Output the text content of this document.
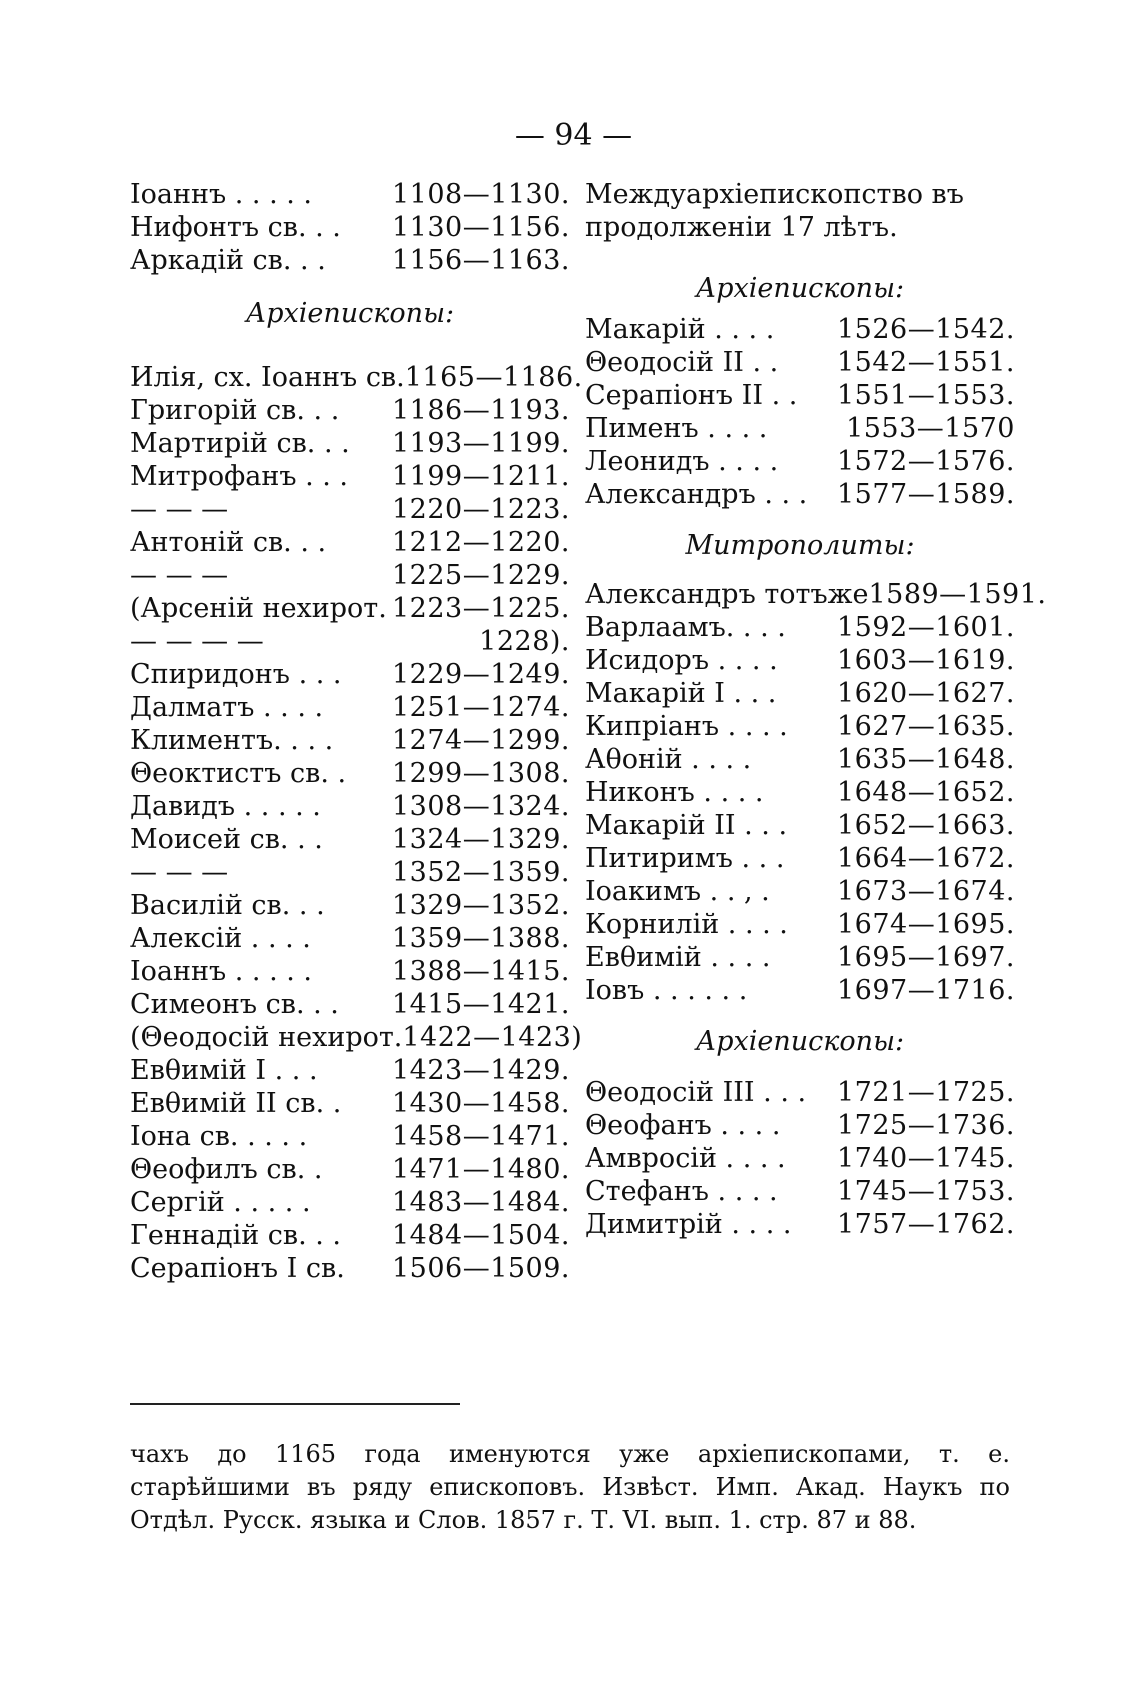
— 94 —
Іоаннъ . . . . .	1108—1130.
Нифонтъ св. . .	1130—1156.
Аркадій св. . .	1156—1163.
Архіепископы:
Илія, сх. Іоаннъ св. 1165—1186.
Григорій св. . .	1186—1193.
Мартирій св. . .	1193—1199.
Митрофанъ . . .	1199—1211.
— — —	1220—1223.
Антоній св. . .	1212—1220.
— — —	1225—1229.
(Арсеній нехирот. 1223—1225.
— — — —	1228).
Спиридонъ . . .	1229—1249.
Далматъ . . . .	1251—1274.
Климентъ. . . .	1274—1299.
Θеоктистъ св. .	1299—1308.
Давидъ . . . . .	1308—1324.
Моисей св. . .	1324—1329.
— — —	1352—1359.
Василій св. . .	1329—1352.
Алексій . . . .	1359—1388.
Іоаннъ . . . . .	1388—1415.
Симеонъ св. . .	1415—1421.
(Θеодосій нехирот. 1422—1423)
Евθимій I . . .	1423—1429.
Евθимій II св. .	1430—1458.
Іона св. . . . .	1458—1471.
Θеофилъ св. .	1471—1480.
Сергій . . . . .	1483—1484.
Геннадій св. . .	1484—1504.
Серапіонъ I св.	1506—1509.
Междуархіепископство въ продолженіи 17 лѣтъ.
Архіепископы:
Макарій . . . .	1526—1542.
Θеодосій II . .	1542—1551.
Серапіонъ II . .	1551—1553.
Пименъ . . . .	1553—1570
Леонидъ . . . .	1572—1576.
Александръ . . .	1577—1589.
Митрополиты:
Александръ тотъже 1589—1591.
Варлаамъ. . . .	1592—1601.
Исидоръ . . . .	1603—1619.
Макарій I . . .	1620—1627.
Кипріанъ . . . .	1627—1635.
Аθоній . . . .	1635—1648.
Никонъ . . . .	1648—1652.
Макарій II . . .	1652—1663.
Питиримъ . . .	1664—1672.
Іоакимъ . . , .	1673—1674.
Корнилій . . . .	1674—1695.
Евθимій . . . .	1695—1697.
Іовъ . . . . . .	1697—1716.
Архіепископы:
Θеодосій III . . .	1721—1725.
Θеофанъ . . . .	1725—1736.
Амвросій . . . .	1740—1745.
Стефанъ . . . .	1745—1753.
Димитрій . . . .	1757—1762.
чахъ до 1165 года именуются уже архіепископами, т. е. старѣйшими въ ряду епископовъ. Извѣст. Имп. Акад. Наукъ по Отдѣл. Русск. языка и Слов. 1857 г. Т. VI. вып. 1. стр. 87 и 88.
